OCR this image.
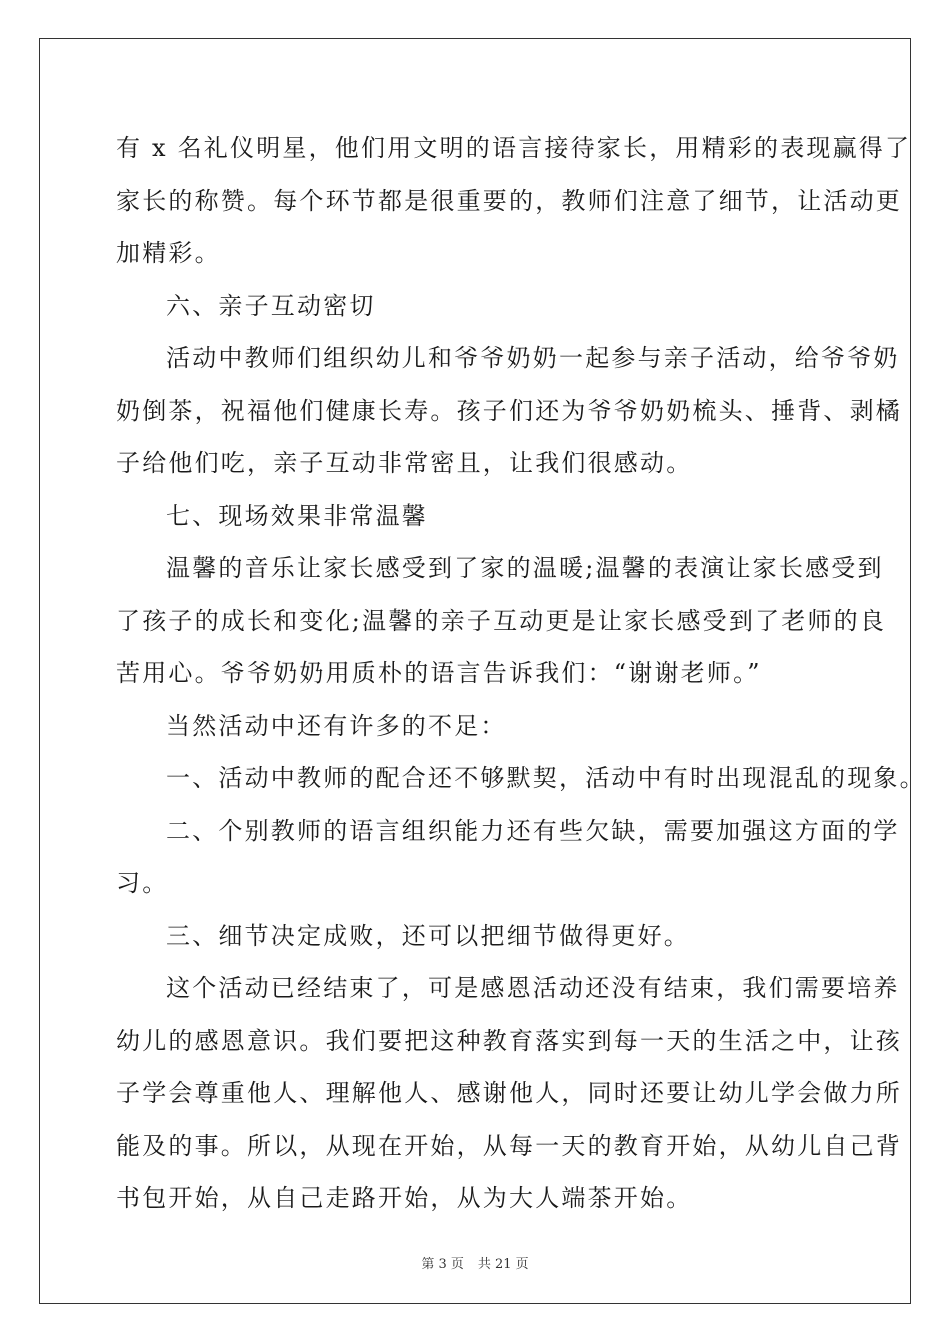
有 x 名礼仪明星，他们用文明的语言接待家长，用精彩的表现赢得了
家长的称赞。每个环节都是很重要的，教师们注意了细节，让活动更
加精彩。
六、亲子互动密切
活动中教师们组织幼儿和爷爷奶奶一起参与亲子活动，给爷爷奶
奶倒茶，祝福他们健康长寿。孩子们还为爷爷奶奶梳头、捶背、剥橘
子给他们吃，亲子互动非常密且，让我们很感动。
七、现场效果非常温馨
温馨的音乐让家长感受到了家的温暖;温馨的表演让家长感受到
了孩子的成长和变化;温馨的亲子互动更是让家长感受到了老师的良
苦用心。爷爷奶奶用质朴的语言告诉我们：“谢谢老师。”
当然活动中还有许多的不足：
一、活动中教师的配合还不够默契，活动中有时出现混乱的现象。
二、个别教师的语言组织能力还有些欠缺，需要加强这方面的学
习。
三、细节决定成败，还可以把细节做得更好。
这个活动已经结束了，可是感恩活动还没有结束，我们需要培养
幼儿的感恩意识。我们要把这种教育落实到每一天的生活之中，让孩
子学会尊重他人、理解他人、感谢他人，同时还要让幼儿学会做力所
能及的事。所以，从现在开始，从每一天的教育开始，从幼儿自己背
书包开始，从自己走路开始，从为大人端茶开始。
第 3 页 共 21 页
